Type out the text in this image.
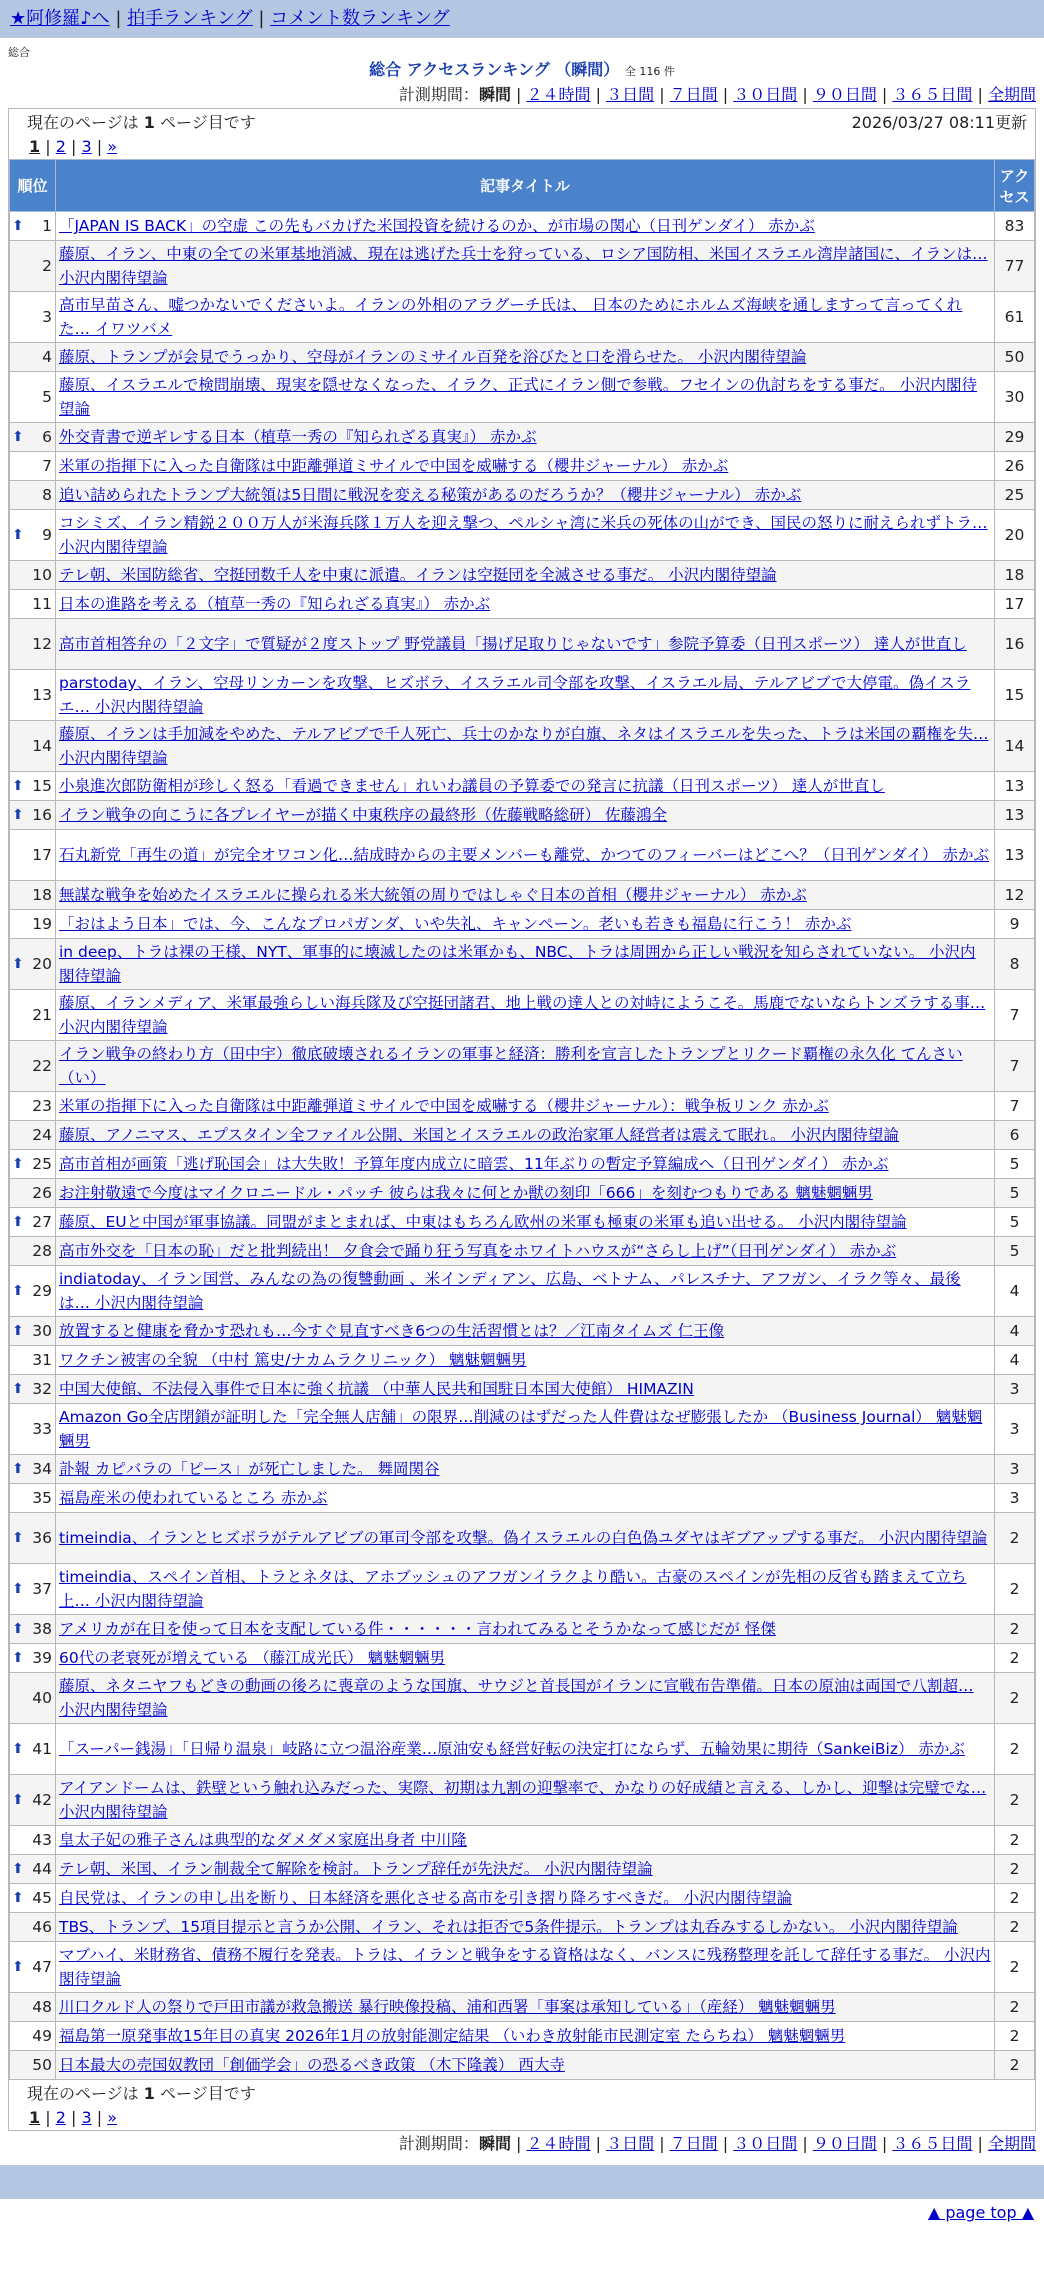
★阿修羅♪へ | 拍手ランキング | コメント数ランキング
総合
総合 アクセスランキング （瞬間） 全 116 件
計測期間：瞬間 | ２４時間 | ３日間 | ７日間 | ３０日間 | ９０日間 | ３６５日間 | 全期間
現在のページは 1 ページ目です	2026/03/27 08:11更新
1 | 2 | 3 | »
順位	記事タイトル	アクセス

⬆ 1	「JAPAN IS BACK」の空虚 この先もバカげた米国投資を続けるのか、が市場の関心（日刊ゲンダイ） 赤かぶ	83
2	藤原、イラン、中東の全ての米軍基地消滅、現在は逃げた兵士を狩っている、ロシア国防相、米国イスラエル湾岸諸国に、イランは… 小沢内閣待望論	77
3	高市早苗さん、嘘つかないでくださいよ。イランの外相のアラグーチ氏は、 日本のためにホルムズ海峡を通しますって言ってくれた… イワツバメ	61
4	藤原、トランプが会見でうっかり、空母がイランのミサイル百発を浴びたと口を滑らせた。 小沢内閣待望論	50
5	藤原、イスラエルで検問崩壊、現実を隠せなくなった、イラク、正式にイラン側で参戦。フセインの仇討ちをする事だ。 小沢内閣待望論	30

⬆ 6	外交青書で逆ギレする日本（植草一秀の『知られざる真実』） 赤かぶ	29
7	米軍の指揮下に入った自衛隊は中距離弾道ミサイルで中国を威嚇する（櫻井ジャーナル） 赤かぶ	26
8	追い詰められたトランプ大統領は5日間に戦況を変える秘策があるのだろうか？（櫻井ジャーナル） 赤かぶ	25

⬆ 9	コシミズ、イラン精鋭２００万人が米海兵隊１万人を迎え撃つ、ペルシャ湾に米兵の死体の山ができ、国民の怒りに耐えられずトラ… 小沢内閣待望論	20
10	テレ朝、米国防総省、空挺団数千人を中東に派遣。イランは空挺団を全滅させる事だ。 小沢内閣待望論	18
11	日本の進路を考える（植草一秀の『知られざる真実』） 赤かぶ	17
12	高市首相答弁の「２文字」で質疑が２度ストップ 野党議員「揚げ足取りじゃないです」参院予算委（日刊スポーツ） 達人が世直し	16
13	parstoday、イラン、空母リンカーンを攻撃、ヒズボラ、イスラエル司令部を攻撃、イスラエル局、テルアビブで大停電。偽イスラエ… 小沢内閣待望論	15
14	藤原、イランは手加減をやめた、テルアビブで千人死亡、兵士のかなりが白旗、ネタはイスラエルを失った、トラは米国の覇権を失… 小沢内閣待望論	14

⬆ 15	小泉進次郎防衛相が珍しく怒る「看過できません」れいわ議員の予算委での発言に抗議（日刊スポーツ） 達人が世直し	13

⬆ 16	イラン戦争の向こうに各プレイヤーが描く中東秩序の最終形（佐藤戦略総研） 佐藤鴻全	13
17	石丸新党「再生の道」が完全オワコン化…結成時からの主要メンバーも離党、かつてのフィーバーはどこへ？（日刊ゲンダイ） 赤かぶ	13
18	無謀な戦争を始めたイスラエルに操られる米大統領の周りではしゃぐ日本の首相（櫻井ジャーナル） 赤かぶ	12
19	「おはよう日本」では、今、こんなプロパガンダ、いや失礼、キャンペーン。老いも若きも福島に行こう！ 赤かぶ	9

⬆ 20	in deep、トラは裸の王様、NYT、軍事的に壊滅したのは米軍かも、NBC、トラは周囲から正しい戦況を知らされていない。 小沢内閣待望論	8
21	藤原、イランメディア、米軍最強らしい海兵隊及び空挺団諸君、地上戦の達人との対峙にようこそ。馬鹿でないならトンズラする事… 小沢内閣待望論	7
22	イラン戦争の終わり方（田中宇）徹底破壊されるイランの軍事と経済：勝利を宣言したトランプとリクード覇権の永久化 てんさい（い）	7
23	米軍の指揮下に入った自衛隊は中距離弾道ミサイルで中国を威嚇する（櫻井ジャーナル）：戦争板リンク 赤かぶ	7
24	藤原、アノニマス、エプスタイン全ファイル公開、米国とイスラエルの政治家軍人経営者は震えて眠れ。 小沢内閣待望論	6

⬆ 25	高市首相が画策「逃げ恥国会」は大失敗！予算年度内成立に暗雲、11年ぶりの暫定予算編成へ（日刊ゲンダイ） 赤かぶ	5
26	お注射敬遠で今度はマイクロニードル・パッチ 彼らは我々に何とか獣の刻印「666」を刻むつもりである 魑魅魍魎男	5

⬆ 27	藤原、EUと中国が軍事協議。同盟がまとまれば、中東はもちろん欧州の米軍も極東の米軍も追い出せる。 小沢内閣待望論	5
28	高市外交を「日本の恥」だと批判続出！ 夕食会で踊り狂う写真をホワイトハウスが“さらし上げ”（日刊ゲンダイ） 赤かぶ	5

⬆ 29	indiatoday、イラン国営、みんなの為の復讐動画 、米インディアン、広島、ベトナム、パレスチナ、アフガン、イラク等々、最後は… 小沢内閣待望論	4

⬆ 30	放置すると健康を脅かす恐れも…今すぐ見直すべき6つの生活習慣とは？／江南タイムズ 仁王像	4
31	ワクチン被害の全貌 （中村 篤史/ナカムラクリニック） 魑魅魍魎男	4

⬆ 32	中国大使館、不法侵入事件で日本に強く抗議 （中華人民共和国駐日本国大使館） HIMAZIN	3
33	Amazon Go全店閉鎖が証明した「完全無人店舗」の限界…削減のはずだった人件費はなぜ膨張したか （Business Journal） 魑魅魍魎男	3

⬆ 34	訃報 カピバラの「ピース」が死亡しました。 舞岡関谷	3
35	福島産米の使われているところ 赤かぶ	3

⬆ 36	timeindia、イランとヒズボラがテルアビブの軍司令部を攻撃。偽イスラエルの白色偽ユダヤはギブアップする事だ。 小沢内閣待望論	2

⬆ 37	timeindia、スペイン首相、トラとネタは、アホブッシュのアフガンイラクより酷い。古豪のスペインが先相の反省も踏まえて立ち上… 小沢内閣待望論	2

⬆ 38	アメリカが在日を使って日本を支配している件・・・・・・言われてみるとそうかなって感じだが 怪傑	2

⬆ 39	60代の老衰死が増えている （藤江成光氏） 魑魅魍魎男	2
40	藤原、ネタニヤフもどきの動画の後ろに喪章のような国旗、サウジと首長国がイランに宣戦布告準備。日本の原油は両国で八割超… 小沢内閣待望論	2

⬆ 41	「スーパー銭湯」「日帰り温泉」岐路に立つ温浴産業…原油安も経営好転の決定打にならず、五輪効果に期待（SankeiBiz） 赤かぶ	2

⬆ 42	アイアンドームは、鉄壁という触れ込みだった、実際、初期は九割の迎撃率で、かなりの好成績と言える、しかし、迎撃は完璧でな… 小沢内閣待望論	2
43	皇太子妃の雅子さんは典型的なダメダメ家庭出身者 中川隆	2

⬆ 44	テレ朝、米国、イラン制裁全て解除を検討。トランプ辞任が先決だ。 小沢内閣待望論	2

⬆ 45	自民党は、イランの申し出を断り、日本経済を悪化させる高市を引き摺り降ろすべきだ。 小沢内閣待望論	2
46	TBS、トランプ、15項目提示と言うか公開、イラン、それは拒否で5条件提示。トランプは丸呑みするしかない。 小沢内閣待望論	2

⬆ 47	マブハイ、米財務省、債務不履行を発表。トラは、イランと戦争をする資格はなく、バンスに残務整理を託して辞任する事だ。 小沢内閣待望論	2
48	川口クルド人の祭りで戸田市議が救急搬送 暴行映像投稿、浦和西署「事案は承知している」（産経） 魑魅魍魎男	2
49	福島第一原発事故15年目の真実 2026年1月の放射能測定結果 （いわき放射能市民測定室 たらちね） 魑魅魍魎男	2
50	日本最大の売国奴教団「創価学会」の恐るべき政策 （木下隆義） 西大寺	2
現在のページは 1 ページ目です
1 | 2 | 3 | »
計測期間：瞬間 | ２４時間 | ３日間 | ７日間 | ３０日間 | ９０日間 | ３６５日間 | 全期間
▲ page top ▲
